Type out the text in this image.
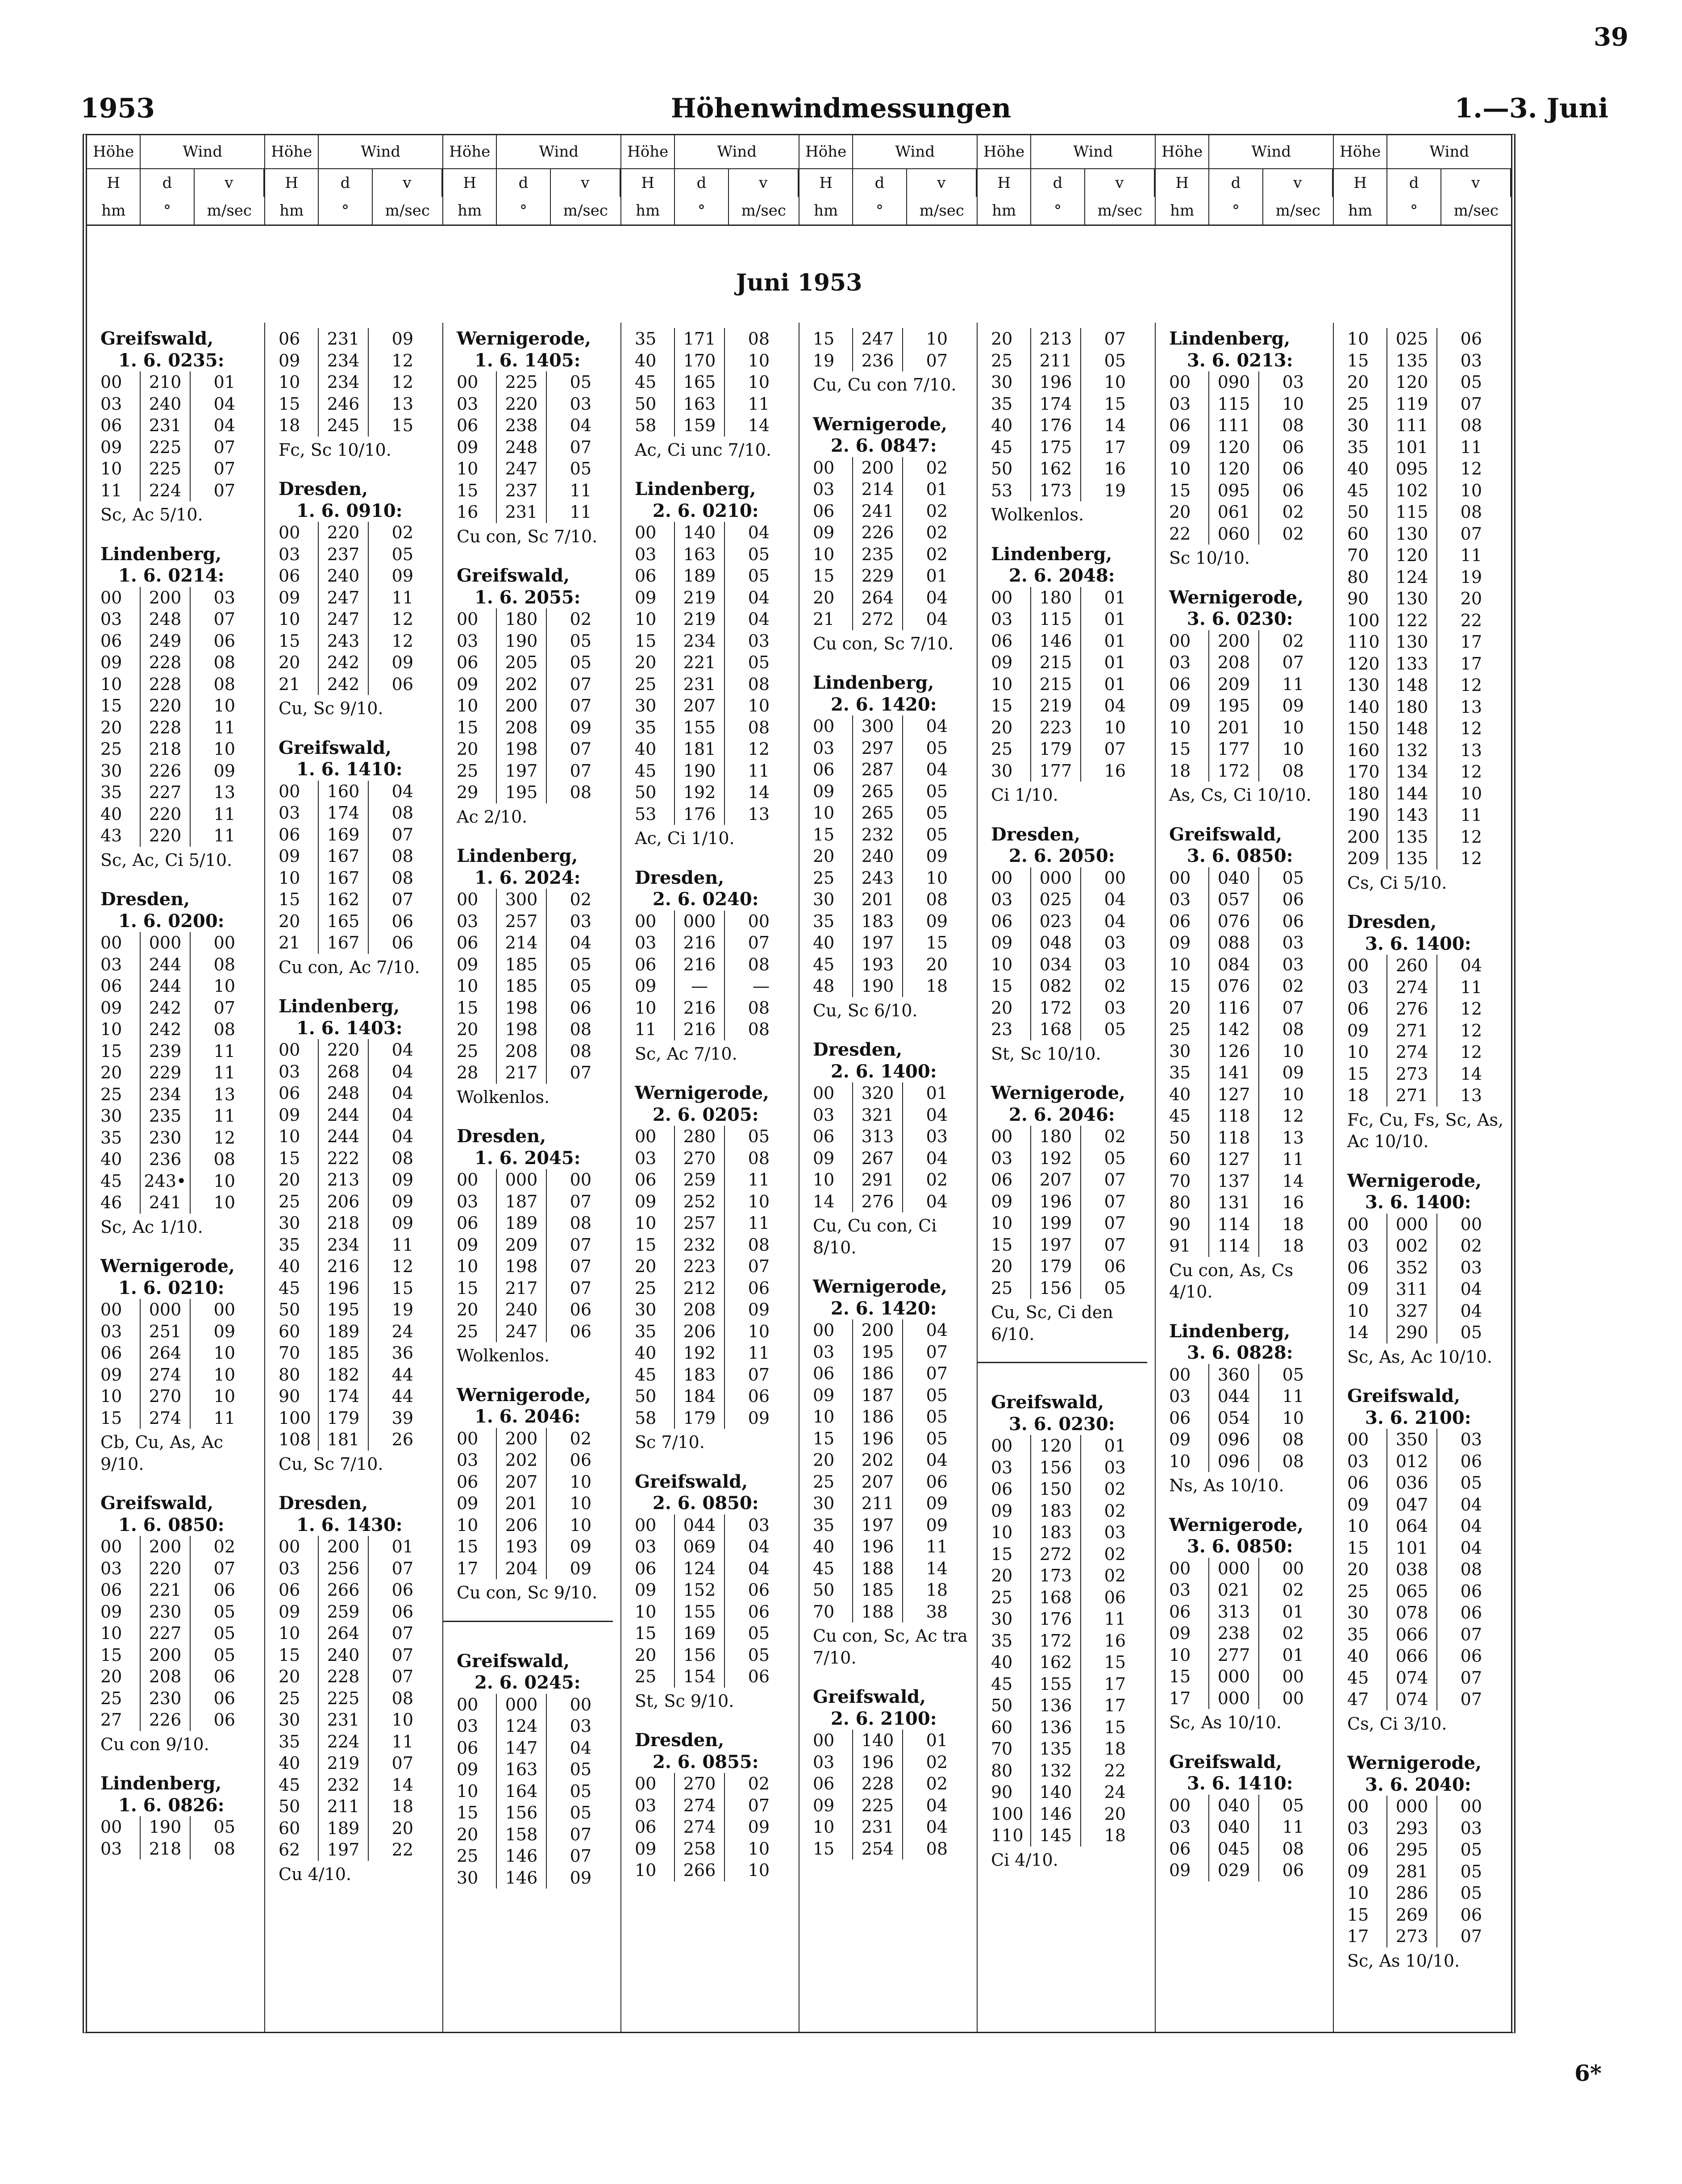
39
1953	Höhenwindmessungen	1.—3. Juni
Höhe	Wind
H	d	v
hm	°	m/sec
Höhe	Wind
H	d	v
hm	°	m/sec
Höhe	Wind
H	d	v
hm	°	m/sec
Höhe	Wind
H	d	v
hm	°	m/sec
Höhe	Wind
H	d	v
hm	°	m/sec
Höhe	Wind
H	d	v
hm	°	m/sec
Höhe	Wind
H	d	v
hm	°	m/sec
Höhe	Wind
H	d	v
hm	°	m/sec
Juni 1953
Greifswald,
1. 6. 0235:
00	210	01
03	240	04
06	231	04
09	225	07
10	225	07
11	224	07
Sc, Ac 5/10.
Lindenberg,
1. 6. 0214:
00	200	03
03	248	07
06	249	06
09	228	08
10	228	08
15	220	10
20	228	11
25	218	10
30	226	09
35	227	13
40	220	11
43	220	11
Sc, Ac, Ci 5/10.
Dresden,
1. 6. 0200:
00	000	00
03	244	08
06	244	10
09	242	07
10	242	08
15	239	11
20	229	11
25	234	13
30	235	11
35	230	12
40	236	08
45	243•	10
46	241	10
Sc, Ac 1/10.
Wernigerode,
1. 6. 0210:
00	000	00
03	251	09
06	264	10
09	274	10
10	270	10
15	274	11
Cb, Cu, As, Ac 9/10.
Greifswald,
1. 6. 0850:
00	200	02
03	220	07
06	221	06
09	230	05
10	227	05
15	200	05
20	208	06
25	230	06
27	226	06
Cu con 9/10.
Lindenberg,
1. 6. 0826:
00	190	05
03	218	08
06	231	09
09	234	12
10	234	12
15	246	13
18	245	15
Fc, Sc 10/10.
Dresden,
1. 6. 0910:
00	220	02
03	237	05
06	240	09
09	247	11
10	247	12
15	243	12
20	242	09
21	242	06
Cu, Sc 9/10.
Greifswald,
1. 6. 1410:
00	160	04
03	174	08
06	169	07
09	167	08
10	167	08
15	162	07
20	165	06
21	167	06
Cu con, Ac 7/10.
Lindenberg,
1. 6. 1403:
00	220	04
03	268	04
06	248	04
09	244	04
10	244	04
15	222	08
20	213	09
25	206	09
30	218	09
35	234	11
40	216	12
45	196	15
50	195	19
60	189	24
70	185	36
80	182	44
90	174	44
100 179	39
108 181	26
Cu, Sc 7/10.
Dresden,
1. 6. 1430:
00	200	01
03	256	07
06	266	06
09	259	06
10	264	07
15	240	07
20	228	07
25	225	08
30	231	10
35	224	11
40	219	07
45	232	14
50	211	18
60	189	20
62	197	22
Cu 4/10.
Wernigerode,
1. 6. 1405:
00	225	05
03	220	03
06	238	04
09	248	07
10	247	05
15	237	11
16	231	11
Cu con, Sc 7/10.
Greifswald,
1. 6. 2055:
00	180	02
03	190	05
06	205	05
09	202	07
10	200	07
15	208	09
20	198	07
25	197	07
29	195	08
Ac 2/10.
Lindenberg,
1. 6. 2024:
00	300	02
03	257	03
06	214	04
09	185	05
10	185	05
15	198	06
20	198	08
25	208	08
28	217	07
Wolkenlos.
Dresden,
1. 6. 2045:
00	000	00
03	187	07
06	189	08
09	209	07
10	198	07
15	217	07
20	240	06
25	247	06
Wolkenlos.
Wernigerode,
1. 6. 2046:
00	200	02
03	202	06
06	207	10
09	201	10
10	206	10
15	193	09
17	204	09
Cu con, Sc 9/10.
Greifswald,
2. 6. 0245:
00	000	00
03	124	03
06	147	04
09	163	05
10	164	05
15	156	05
20	158	07
25	146	07
30	146	09
35	171	08
40	170	10
45	165	10
50	163	11
58	159	14
Ac, Ci unc 7/10.
Lindenberg,
2. 6. 0210:
00	140	04
03	163	05
06	189	05
09	219	04
10	219	04
15	234	03
20	221	05
25	231	08
30	207	10
35	155	08
40	181	12
45	190	11
50	192	14
53	176	13
Ac, Ci 1/10.
Dresden,
2. 6. 0240:
00	000	00
03	216	07
06	216	08
09	—	—
10	216	08
11	216	08
Sc, Ac 7/10.
Wernigerode,
2. 6. 0205:
00	280	05
03	270	08
06	259	11
09	252	10
10	257	11
15	232	08
20	223	07
25	212	06
30	208	09
35	206	10
40	192	11
45	183	07
50	184	06
58	179	09
Sc 7/10.
Greifswald,
2. 6. 0850:
00	044	03
03	069	04
06	124	04
09	152	06
10	155	06
15	169	05
20	156	05
25	154	06
St, Sc 9/10.
Dresden,
2. 6. 0855:
00	270	02
03	274	07
06	274	09
09	258	10
10	266	10
15	247	10
19	236	07
Cu, Cu con 7/10.
Wernigerode,
2. 6. 0847:
00	200	02
03	214	01
06	241	02
09	226	02
10	235	02
15	229	01
20	264	04
21	272	04
Cu con, Sc 7/10.
Lindenberg,
2. 6. 1420:
00	300	04
03	297	05
06	287	04
09	265	05
10	265	05
15	232	05
20	240	09
25	243	10
30	201	08
35	183	09
40	197	15
45	193	20
48	190	18
Cu, Sc 6/10.
Dresden,
2. 6. 1400:
00	320	01
03	321	04
06	313	03
09	267	04
10	291	02
14	276	04
Cu, Cu con, Ci 8/10.
Wernigerode,
2. 6. 1420:
00	200	04
03	195	07
06	186	07
09	187	05
10	186	05
15	196	05
20	202	04
25	207	06
30	211	09
35	197	09
40	196	11
45	188	14
50	185	18
70	188	38
Cu con, Sc, Ac tra 7/10.
Greifswald,
2. 6. 2100:
00	140	01
03	196	02
06	228	02
09	225	04
10	231	04
15	254	08
20	213	07
25	211	05
30	196	10
35	174	15
40	176	14
45	175	17
50	162	16
53	173	19
Wolkenlos.
Lindenberg,
2. 6. 2048:
00	180	01
03	115	01
06	146	01
09	215	01
10	215	01
15	219	04
20	223	10
25	179	07
30	177	16
Ci 1/10.
Dresden,
2. 6. 2050:
00	000	00
03	025	04
06	023	04
09	048	03
10	034	03
15	082	02
20	172	03
23	168	05
St, Sc 10/10.
Wernigerode,
2. 6. 2046:
00	180	02
03	192	05
06	207	07
09	196	07
10	199	07
15	197	07
20	179	06
25	156	05
Cu, Sc, Ci den 6/10.
Greifswald,
3. 6. 0230:
00	120	01
03	156	03
06	150	02
09	183	02
10	183	03
15	272	02
20	173	02
25	168	06
30	176	11
35	172	16
40	162	15
45	155	17
50	136	17
60	136	15
70	135	18
80	132	22
90	140	24
100 146	20
110 145	18
Ci 4/10.
Lindenberg,
3. 6. 0213:
00	090	03
03	115	10
06	111	08
09	120	06
10	120	06
15	095	06
20	061	02
22	060	02
Sc 10/10.
Wernigerode,
3. 6. 0230:
00	200	02
03	208	07
06	209	11
09	195	09
10	201	10
15	177	10
18	172	08
As, Cs, Ci 10/10.
Greifswald,
3. 6. 0850:
00	040	05
03	057	06
06	076	06
09	088	03
10	084	03
15	076	02
20	116	07
25	142	08
30	126	10
35	141	09
40	127	10
45	118	12
50	118	13
60	127	11
70	137	14
80	131	16
90	114	18
91	114	18
Cu con, As, Cs 4/10.
Lindenberg,
3. 6. 0828:
00	360	05
03	044	11
06	054	10
09	096	08
10	096	08
Ns, As 10/10.
Wernigerode,
3. 6. 0850:
00	000	00
03	021	02
06	313	01
09	238	02
10	277	01
15	000	00
17	000	00
Sc, As 10/10.
Greifswald,
3. 6. 1410:
00	040	05
03	040	11
06	045	08
09	029	06
10	025	06
15	135	03
20	120	05
25	119	07
30	111	08
35	101	11
40	095	12
45	102	10
50	115	08
60	130	07
70	120	11
80	124	19
90	130	20
100 122	22
110 130	17
120 133	17
130 148	12
140 180	13
150 148	12
160 132	13
170 134	12
180 144	10
190 143	11
200 135	12
209 135	12
Cs, Ci 5/10.
Dresden,
3. 6. 1400:
00	260	04
03	274	11
06	276	12
09	271	12
10	274	12
15	273	14
18	271	13
Fc, Cu, Fs, Sc, As, Ac 10/10.
Wernigerode,
3. 6. 1400:
00	000	00
03	002	02
06	352	03
09	311	04
10	327	04
14	290	05
Sc, As, Ac 10/10.
Greifswald,
3. 6. 2100:
00	350	03
03	012	06
06	036	05
09	047	04
10	064	04
15	101	04
20	038	08
25	065	06
30	078	06
35	066	07
40	066	06
45	074	07
47	074	07
Cs, Ci 3/10.
Wernigerode,
3. 6. 2040:
00	000	00
03	293	03
06	295	05
09	281	05
10	286	05
15	269	06
17	273	07
Sc, As 10/10.
6*
